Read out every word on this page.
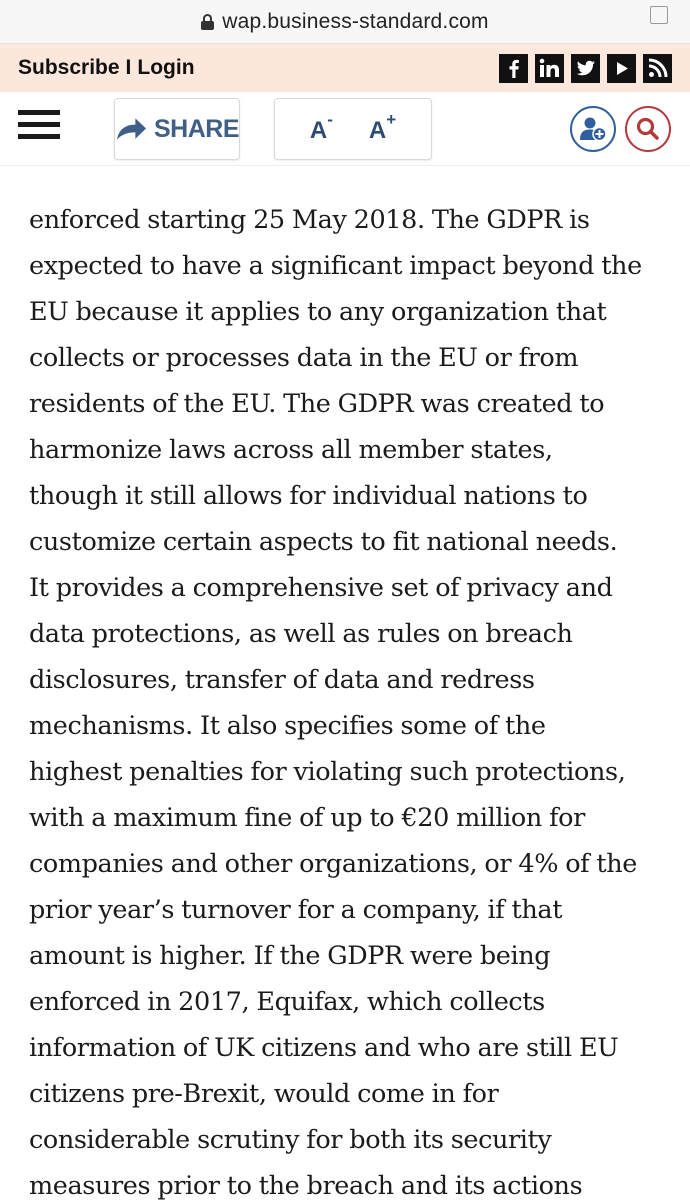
wap.business-standard.com
Subscribe I Login
SHARE	A- A+
enforced starting 25 May 2018. The GDPR is
expected to have a significant impact beyond the
EU because it applies to any organization that
collects or processes data in the EU or from
residents of the EU. The GDPR was created to
harmonize laws across all member states,
though it still allows for individual nations to
customize certain aspects to fit national needs.
It provides a comprehensive set of privacy and
data protections, as well as rules on breach
disclosures, transfer of data and redress
mechanisms. It also specifies some of the
highest penalties for violating such protections,
with a maximum fine of up to €20 million for
companies and other organizations, or 4% of the
prior year’s turnover for a company, if that
amount is higher. If the GDPR were being
enforced in 2017, Equifax, which collects
information of UK citizens and who are still EU
citizens pre-Brexit, would come in for
considerable scrutiny for both its security
measures prior to the breach and its actions
